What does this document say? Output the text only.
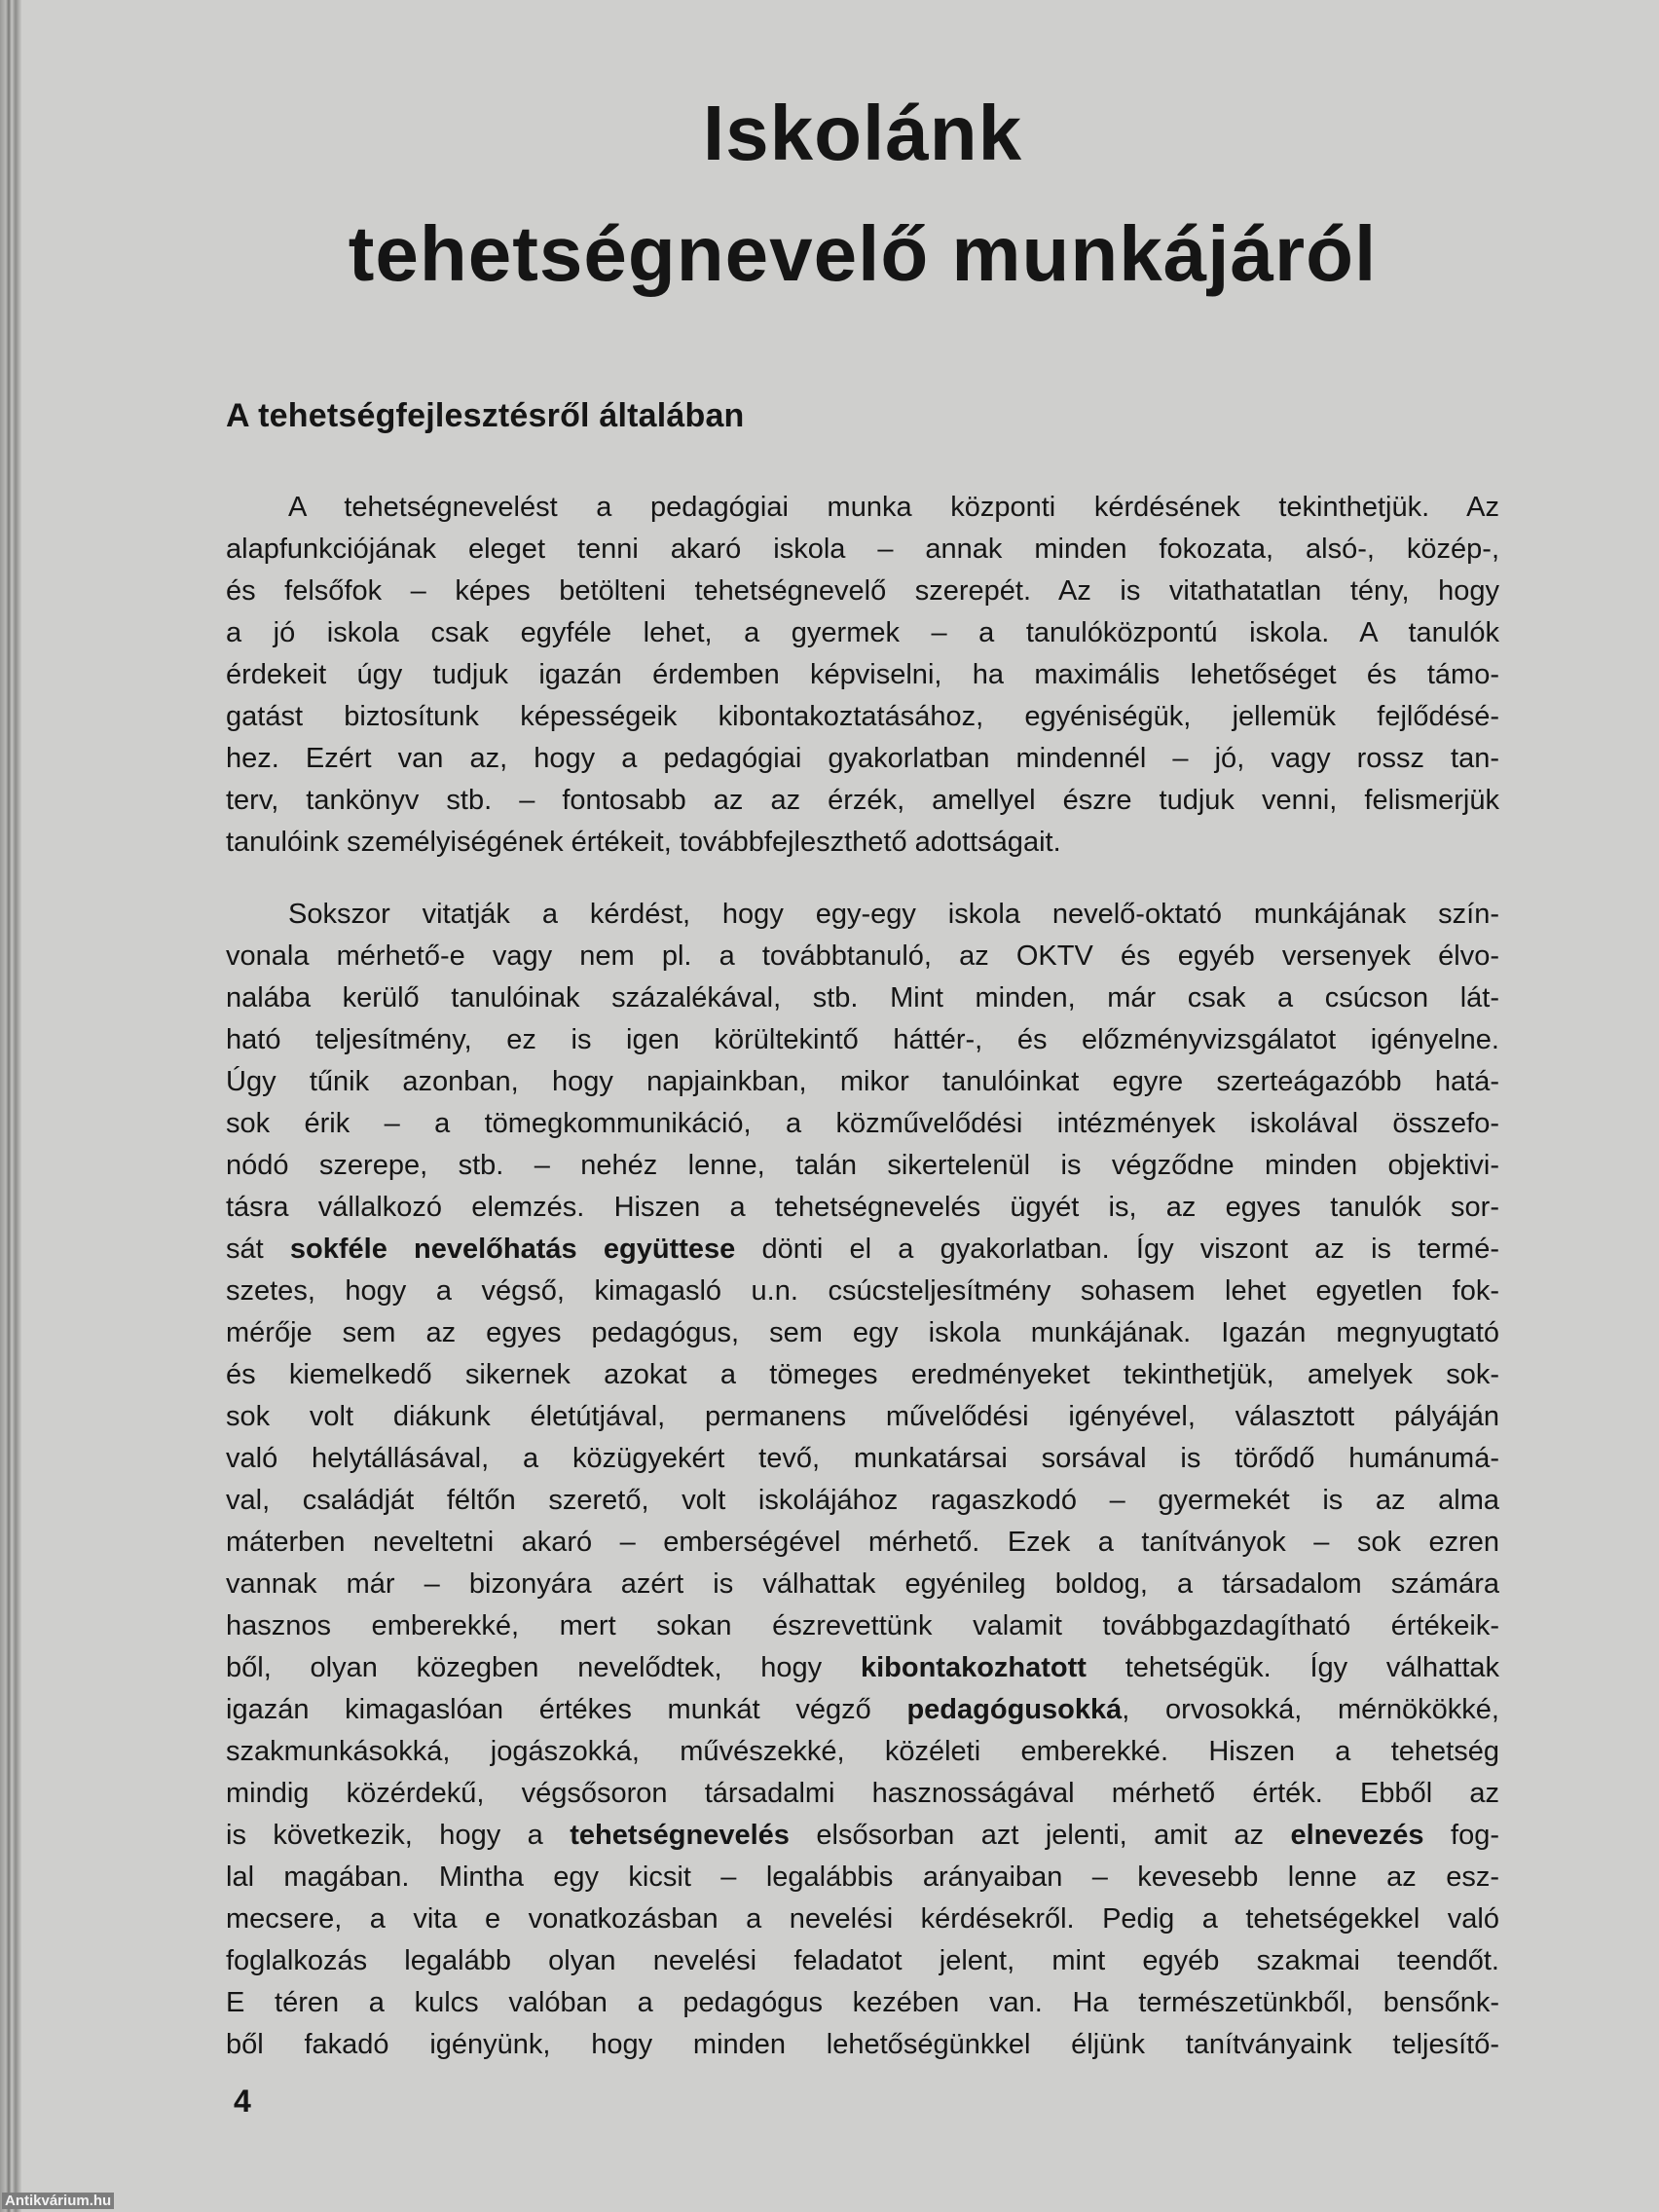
Iskolánk
tehetségnevelő munkájáról
A tehetségfejlesztésről általában
A tehetségnevelést a pedagógiai munka központi kérdésének tekinthetjük. Az
alapfunkciójának eleget tenni akaró iskola – annak minden fokozata, alsó-, közép-,
és felsőfok – képes betölteni tehetségnevelő szerepét. Az is vitathatatlan tény, hogy
a jó iskola csak egyféle lehet, a gyermek – a tanulóközpontú iskola. A tanulók
érdekeit úgy tudjuk igazán érdemben képviselni, ha maximális lehetőséget és támo-
gatást biztosítunk képességeik kibontakoztatásához, egyéniségük, jellemük fejlődésé-
hez. Ezért van az, hogy a pedagógiai gyakorlatban mindennél – jó, vagy rossz tan-
terv, tankönyv stb. – fontosabb az az érzék, amellyel észre tudjuk venni, felismerjük
tanulóink személyiségének értékeit, továbbfejleszthető adottságait.
Sokszor vitatják a kérdést, hogy egy-egy iskola nevelő-oktató munkájának szín-
vonala mérhető-e vagy nem pl. a továbbtanuló, az OKTV és egyéb versenyek élvo-
nalába kerülő tanulóinak százalékával, stb. Mint minden, már csak a csúcson lát-
ható teljesítmény, ez is igen körültekintő háttér-, és előzményvizsgálatot igényelne.
Úgy tűnik azonban, hogy napjainkban, mikor tanulóinkat egyre szerteágazóbb hatá-
sok érik – a tömegkommunikáció, a közművelődési intézmények iskolával összefo-
nódó szerepe, stb. – nehéz lenne, talán sikertelenül is végződne minden objektivi-
tásra vállalkozó elemzés. Hiszen a tehetségnevelés ügyét is, az egyes tanulók sor-
sát sokféle nevelőhatás együttese dönti el a gyakorlatban. Így viszont az is termé-
szetes, hogy a végső, kimagasló u.n. csúcsteljesítmény sohasem lehet egyetlen fok-
mérője sem az egyes pedagógus, sem egy iskola munkájának. Igazán megnyugtató
és kiemelkedő sikernek azokat a tömeges eredményeket tekinthetjük, amelyek sok-
sok volt diákunk életútjával, permanens művelődési igényével, választott pályáján
való helytállásával, a közügyekért tevő, munkatársai sorsával is törődő humánumá-
val, családját féltőn szerető, volt iskolájához ragaszkodó – gyermekét is az alma
máterben neveltetni akaró – emberségével mérhető. Ezek a tanítványok – sok ezren
vannak már – bizonyára azért is válhattak egyénileg boldog, a társadalom számára
hasznos emberekké, mert sokan észrevettünk valamit továbbgazdagítható értékeik-
ből, olyan közegben nevelődtek, hogy kibontakozhatott tehetségük. Így válhattak
igazán kimagaslóan értékes munkát végző pedagógusokká, orvosokká, mérnökökké,
szakmunkásokká, jogászokká, művészekké, közéleti emberekké. Hiszen a tehetség
mindig közérdekű, végsősoron társadalmi hasznosságával mérhető érték. Ebből az
is következik, hogy a tehetségnevelés elsősorban azt jelenti, amit az elnevezés fog-
lal magában. Mintha egy kicsit – legalábbis arányaiban – kevesebb lenne az esz-
mecsere, a vita e vonatkozásban a nevelési kérdésekről. Pedig a tehetségekkel való
foglalkozás legalább olyan nevelési feladatot jelent, mint egyéb szakmai teendőt.
E téren a kulcs valóban a pedagógus kezében van. Ha természetünkből, bensőnk-
ből fakadó igényünk, hogy minden lehetőségünkkel éljünk tanítványaink teljesítő-
4
Antikvárium.hu
